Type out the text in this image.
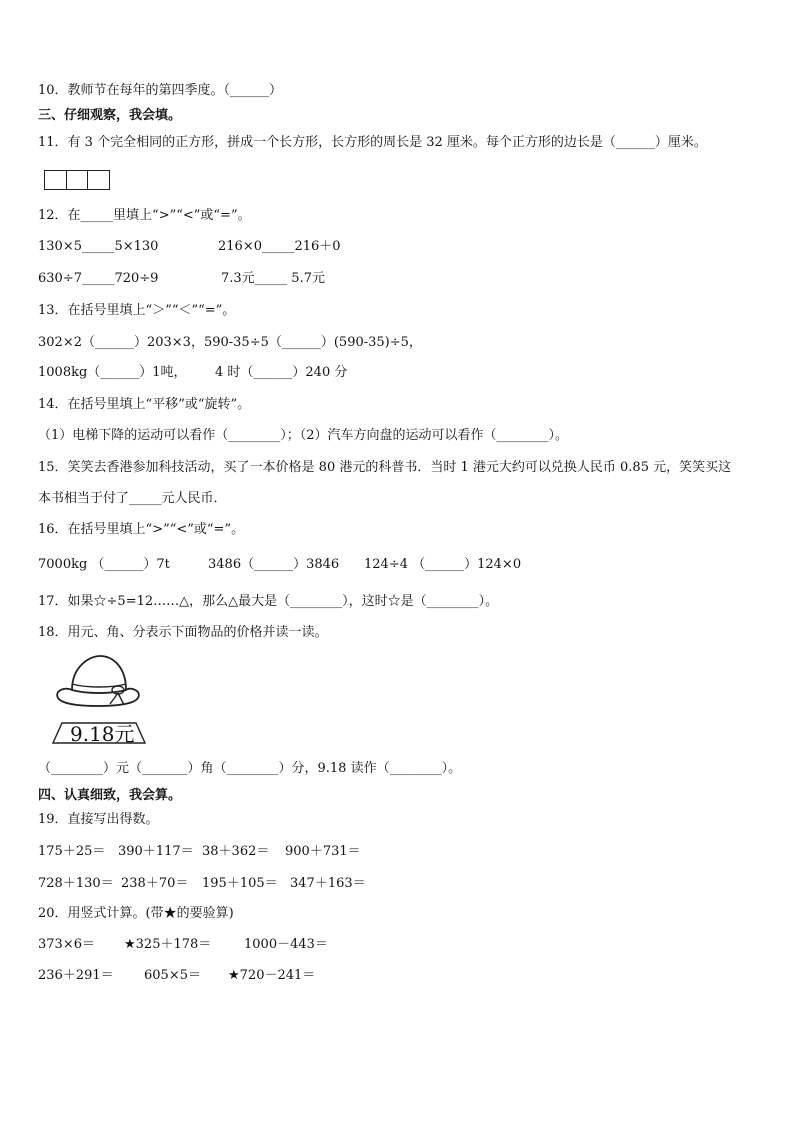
10．教师节在每年的第四季度。（______）
三、仔细观察，我会填。
11．有 3 个完全相同的正方形，拼成一个长方形，长方形的周长是 32 厘米。每个正方形的边长是（______）厘米。
12．在_____里填上“>”“<”或“=”。
130×5_____5×130	216×0_____216＋0
630÷7_____720÷9	7.3元_____ 5.7元
13．在括号里填上“＞”“＜”“=”。
302×2（______）203×3，590-35÷5（______）(590-35)÷5，
1008kg（______）1吨， 4 时（______）240 分
14．在括号里填上“平移”或“旋转”。
（1）电梯下降的运动可以看作（________）；（2）汽车方向盘的运动可以看作（________）。
15．笑笑去香港参加科技活动，买了一本价格是 80 港元的科普书．当时 1 港元大约可以兑换人民币 0.85 元，笑笑买这
本书相当于付了_____元人民币．
16．在括号里填上“>”“<”或“=”。
7000kg （______）7t	3486（______）3846 124÷4 （______）124×0
17．如果☆÷5=12……△，那么△最大是（________），这时☆是（________）。
18．用元、角、分表示下面物品的价格并读一读。
9.18元
（________）元（_______）角（________）分，9.18 读作（________）。
四、认真细致，我会算。
19．直接写出得数。
175＋25＝ 390＋117＝ 38＋362＝ 900＋731＝
728＋130＝ 238＋70＝ 195＋105＝ 347＋163＝
20．用竖式计算。(带★的要验算)
373×6＝ ★325＋178＝	1000－443＝
236＋291＝ 605×5＝ ★720－241＝
